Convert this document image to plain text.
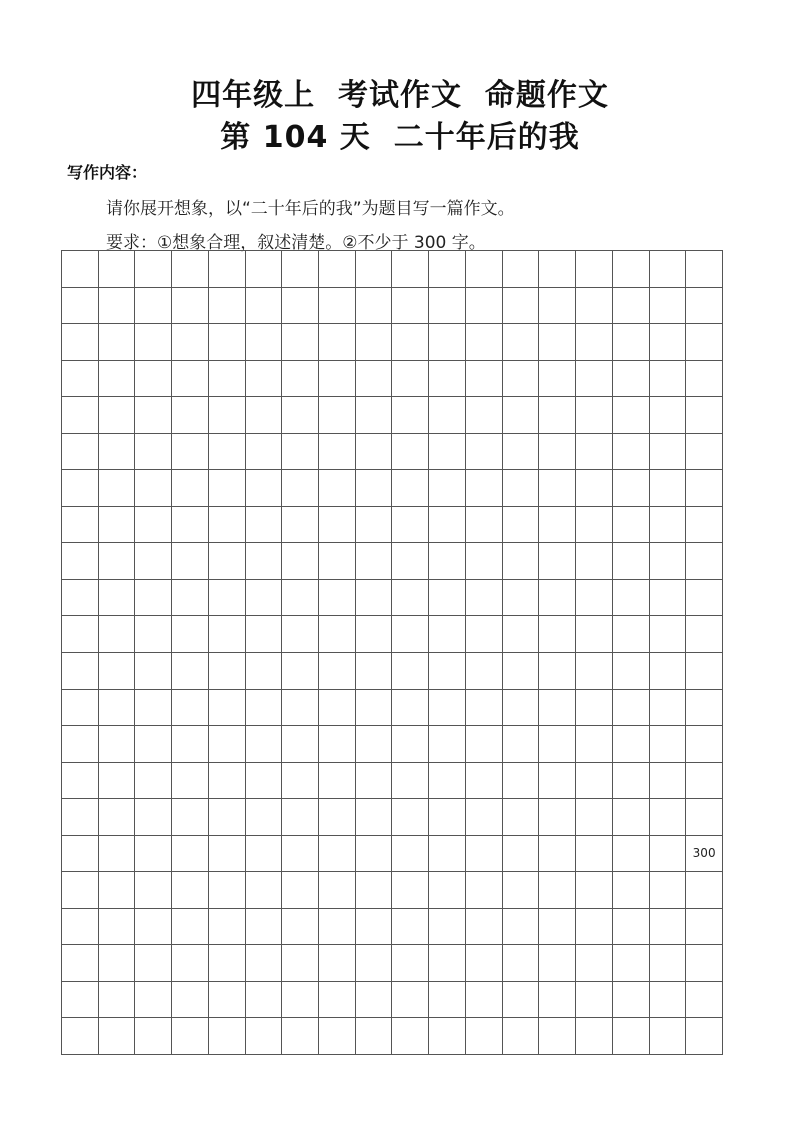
四年级上  考试作文  命题作文
第 104 天  二十年后的我
写作内容：
请你展开想象，以“二十年后的我”为题目写一篇作文。
要求：①想象合理，叙述清楚。②不少于 300 字。
300
